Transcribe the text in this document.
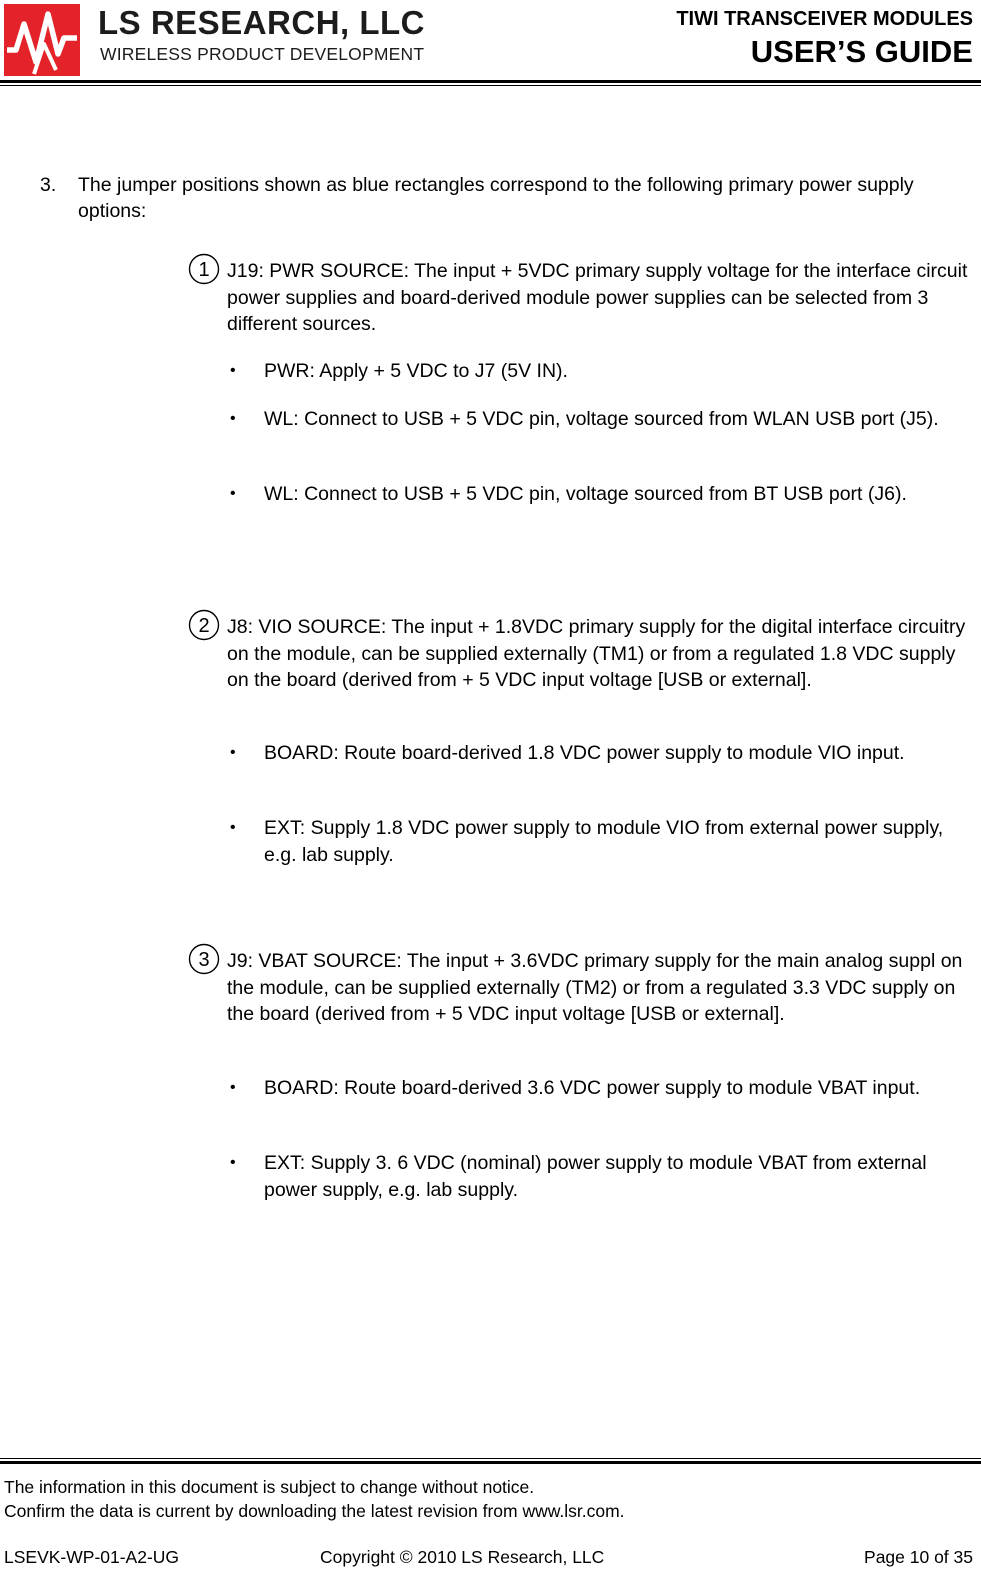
LS RESEARCH, LLC
WIRELESS PRODUCT DEVELOPMENT
TIWI TRANSCEIVER MODULES
USER’S GUIDE
3. The jumper positions shown as blue rectangles correspond to the following primary power supply options:
1 J19: PWR SOURCE: The input + 5VDC primary supply voltage for the interface circuit power supplies and board-derived module power supplies can be selected from 3 different sources.
• PWR: Apply + 5 VDC to J7 (5V IN).
• WL: Connect to USB + 5 VDC pin, voltage sourced from WLAN USB port (J5).
• WL: Connect to USB + 5 VDC pin, voltage sourced from BT USB port (J6).
2 J8: VIO SOURCE: The input + 1.8VDC primary supply for the digital interface circuitry on the module, can be supplied externally (TM1) or from a regulated 1.8 VDC supply on the board (derived from + 5 VDC input voltage [USB or external].
• BOARD: Route board-derived 1.8 VDC power supply to module VIO input.
• EXT: Supply 1.8 VDC power supply to module VIO from external power supply, e.g. lab supply.
3 J9: VBAT SOURCE: The input + 3.6VDC primary supply for the main analog suppl on the module, can be supplied externally (TM2) or from a regulated 3.3 VDC supply on the board (derived from + 5 VDC input voltage [USB or external].
• BOARD: Route board-derived 3.6 VDC power supply to module VBAT input.
• EXT: Supply 3. 6 VDC (nominal) power supply to module VBAT from external power supply, e.g. lab supply.
The information in this document is subject to change without notice.
Confirm the data is current by downloading the latest revision from www.lsr.com.
LSEVK-WP-01-A2-UG	Copyright © 2010 LS Research, LLC	Page 10 of 35
